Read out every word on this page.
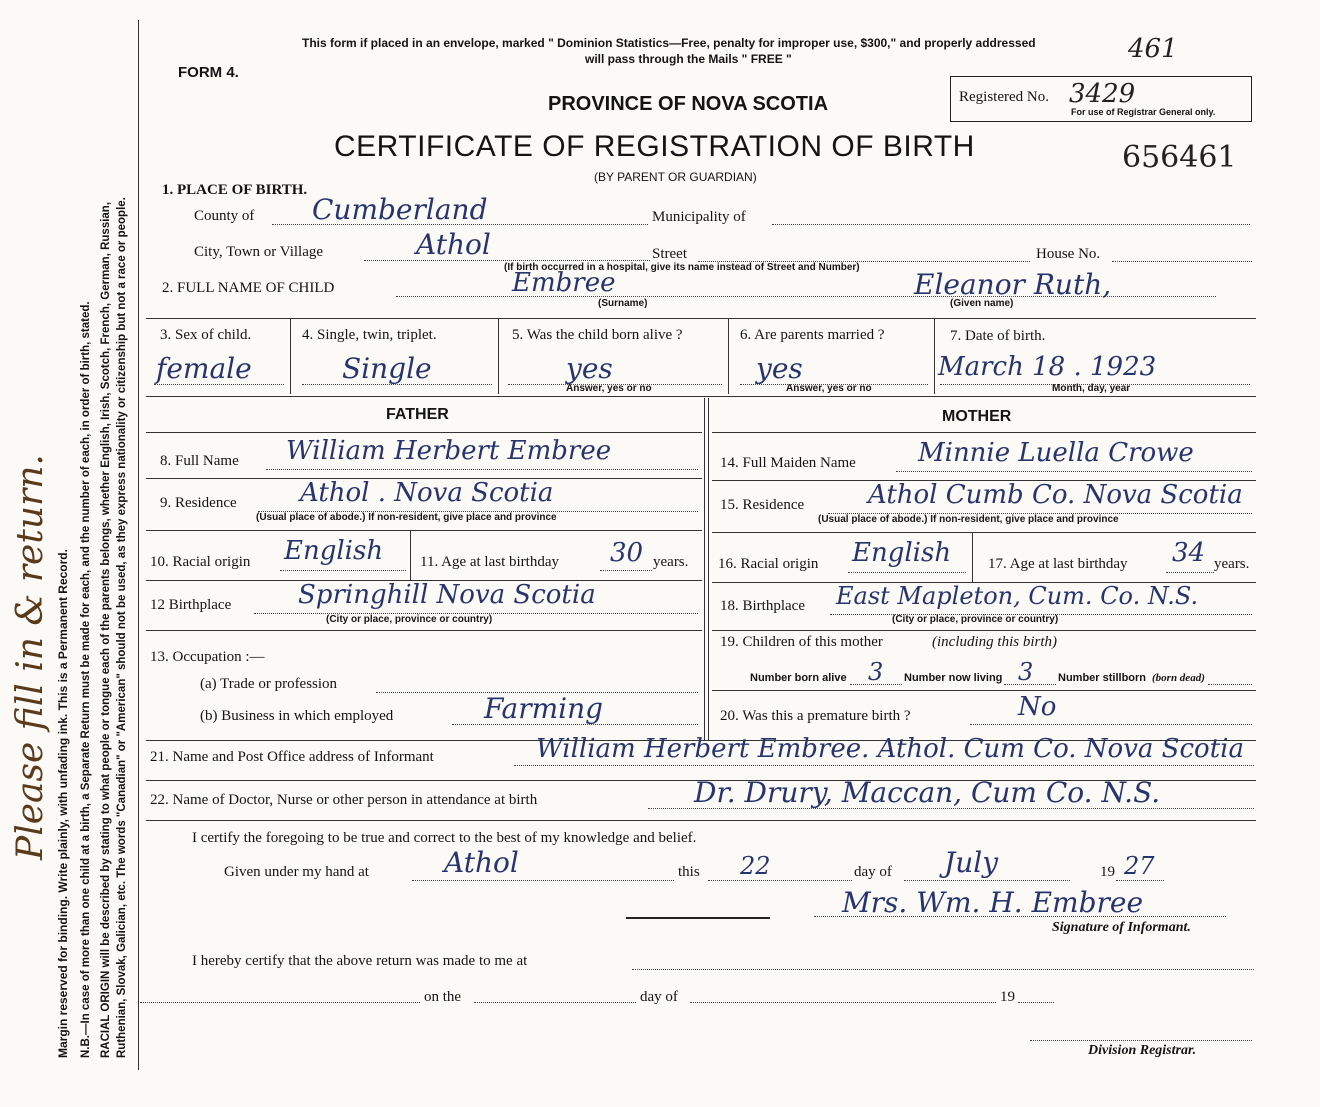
Please fill in & return. Margin reserved for binding. Write plainly, with unfading ink. This is a Permanent Record. N.B.—In case of more than one child at a birth, a Separate Return must be made for each, and the number of each, in order of birth, stated. RACIAL ORIGIN will be described by stating to what people or tongue each of the parents belongs, whether English, Irish, Scotch, French, German, Russian, Ruthenian, Slovak, Galician, etc. The words "Canadian" or "American" should not be used, as they express nationality or citizenship but not a race or people.
This form if placed in an envelope, marked " Dominion Statistics—Free, penalty for improper use, $300," and properly addressed
will pass through the Mails " FREE "	461
FORM 4.
PROVINCE OF NOVA SCOTIA	Registered No. 3429
For use of Registrar General only.
CERTIFICATE OF REGISTRATION OF BIRTH	656461
(BY PARENT OR GUARDIAN)
1. PLACE OF BIRTH.
County of Cumberland	Municipality of
City, Town or Village	Athol	Street	House No.
(If birth occurred in a hospital, give its name instead of Street and Number)
2. FULL NAME OF CHILD	Embree
(Surname)
Eleanor Ruth,
(Given name)
3. Sex of child.
female
4. Single, twin, triplet.
Single
5. Was the child born alive ?
yes
Answer, yes or no
6. Are parents married ?
yes
Answer, yes or no
7. Date of birth.
March 18 . 1923
Month, day, year
FATHER	MOTHER
8. Full Name William Herbert Embree
9. Residence Athol . Nova Scotia
(Usual place of abode.) If non-resident, give place and province
10. Racial origin English 11. Age at last birthday 30 years.
12 Birthplace	Springhill Nova Scotia
(City or place, province or country)
13. Occupation :—
(a) Trade or profession
(b) Business in which employed	Farming
14. Full Maiden Name Minnie Luella Crowe
15. Residence Athol Cumb Co. Nova Scotia
(Usual place of abode.) If non-resident, give place and province
16. Racial origin English 17. Age at last birthday 34 years.
18. Birthplace East Mapleton, Cum. Co. N.S.
(City or place, province or country)
19. Children of this mother	(including this birth)
Number born alive 3 Number now living 3 Number stillborn (born dead)
20. Was this a premature birth ?	No
21. Name and Post Office address of Informant	William Herbert Embree. Athol. Cum Co. Nova Scotia
22. Name of Doctor, Nurse or other person in attendance at birth	Dr. Drury, Maccan, Cum Co. N.S.
I certify the foregoing to be true and correct to the best of my knowledge and belief.
Given under my hand at	Athol	this 22	day of July	19 27
Mrs. Wm. H. Embree
Signature of Informant.
I hereby certify that the above return was made to me at
on the	day of	19
Division Registrar.
